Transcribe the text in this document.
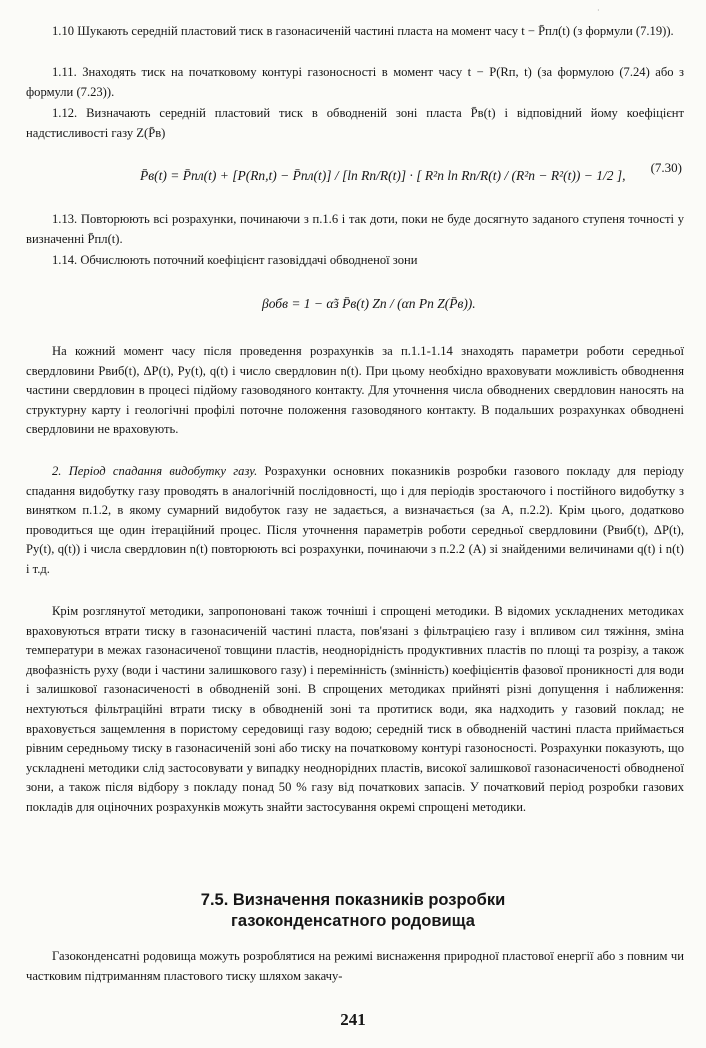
·

1.10 Шукають середній пластовий тиск в газонасиченій частині пласта на момент часу t − P̄пл(t) (з формули (7.19)).

1.11. Знаходять тиск на початковому контурі газоносності в момент часу t − P(Rп, t) (за формулою (7.24) або з формули (7.23)).

1.12. Визначають середній пластовий тиск в обводненій зоні пласта P̄в(t) і відповідний йому коефіцієнт надстисливості газу Z(P̄в)

P̄в(t) = P̄пл(t) + [P(Rп,t) − P̄пл(t)] / [ln Rп/R(t)] · [ R²п ln Rп/R(t) / (R²п − R²(t)) − 1/2 ],

(7.30)

1.13. Повторюють всі розрахунки, починаючи з п.1.6 і так доти, поки не буде досягнуто заданого ступеня точності у визначенні P̄пл(t).

1.14. Обчислюють поточний коефіцієнт газовіддачі обводненої зони

βобв = 1 − α̃з P̄в(t) Zп / (αп Pп Z(P̄в)).

На кожний момент часу після проведення розрахунків за п.1.1-1.14 знаходять параметри роботи середньої свердловини Pвиб(t), ΔP(t), Pу(t), q(t) і число свердловин n(t). При цьому необхідно враховувати можливість обводнення частини свердловин в процесі підйому газоводяного контакту. Для уточнення числа обводнених свердловин наносять на структурну карту і геологічні профілі поточне положення газоводяного контакту. В подальших розрахунках обводнені свердловини не враховують.

2. Період спадання видобутку газу. Розрахунки основних показників розробки газового покладу для періоду спадання видобутку газу проводять в аналогічній послідовності, що і для періодів зростаючого і постійного видобутку з винятком п.1.2, в якому сумарний видобуток газу не задається, а визначається (за А, п.2.2). Крім цього, додатково проводиться ще один ітераційний процес. Після уточнення параметрів роботи середньої свердловини (Pвиб(t), ΔP(t), Pу(t), q(t)) і числа свердловин n(t) повторюють всі розрахунки, починаючи з п.2.2 (А) зі знайденими величинами q(t) і n(t) і т.д.

Крім розглянутої методики, запропоновані також точніші і спрощені методики. В відомих ускладнених методиках враховуються втрати тиску в газонасиченій частині пласта, пов'язані з фільтрацією газу і впливом сил тяжіння, зміна температури в межах газонасиченої товщини пластів, неоднорідність продуктивних пластів по площі та розрізу, а також двофазність руху (води і частини залишкового газу) і перемінність (змінність) коефіцієнтів фазової проникності для води і залишкової газонасиченості в обводненій зоні. В спрощених методиках прийняті різні допущення і наближення: нехтуються фільтраційні втрати тиску в обводненій зоні та протитиск води, яка надходить у газовий поклад; не враховується защемлення в пористому середовищі газу водою; середній тиск в обводненій частині пласта приймається рівним середньому тиску в газонасиченій зоні або тиску на початковому контурі газоносності. Розрахунки показують, що ускладнені методики слід застосовувати у випадку неоднорідних пластів, високої залишкової газонасиченості обводненої зони, а також після відбору з покладу понад 50 % газу від початкових запасів. У початковий період розробки газових покладів для оціночних розрахунків можуть знайти застосування окремі спрощені методики.

7.5. Визначення показників розробки
газоконденсатного родовища

Газоконденсатні родовища можуть розроблятися на режимі виснаження природної пластової енергії або з повним чи частковим підтриманням пластового тиску шляхом закачу-

241
